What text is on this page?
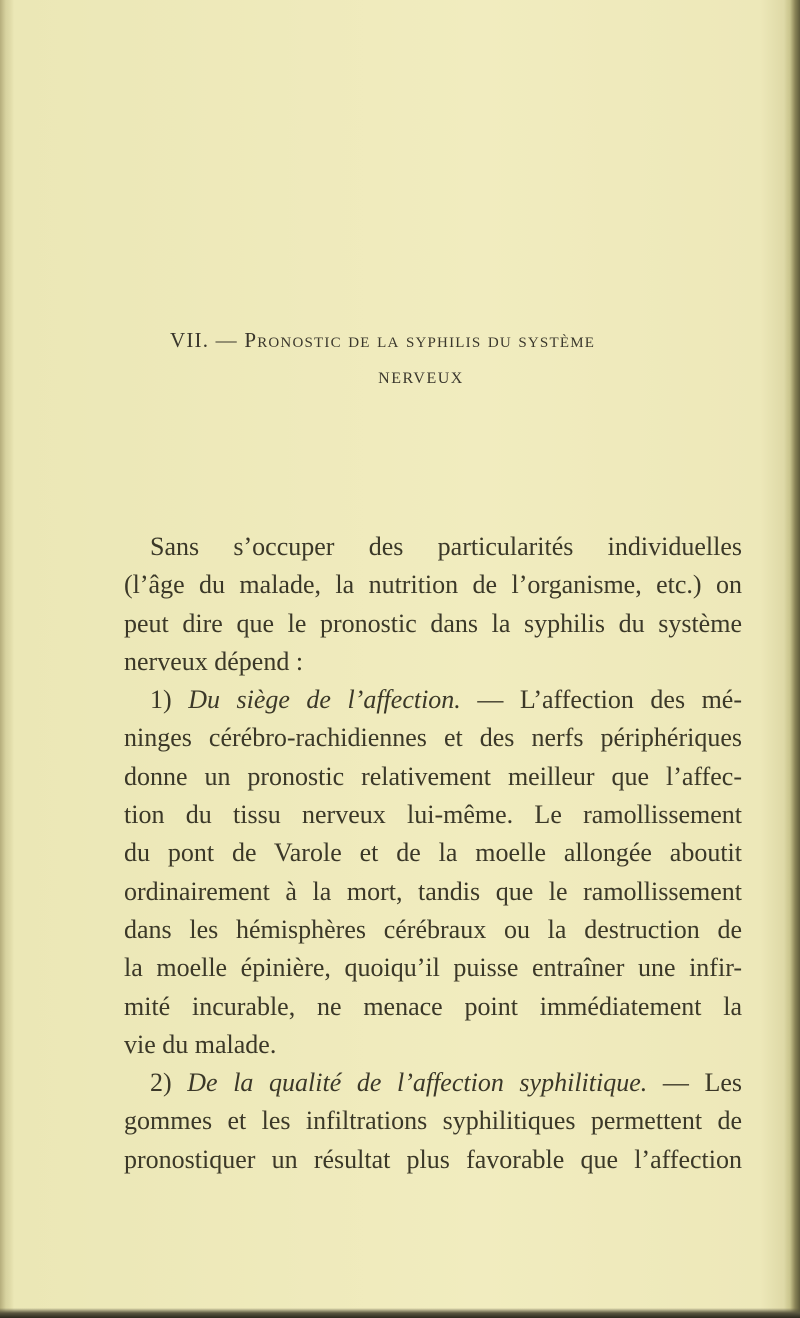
VII. — Pronostic de la syphilis du système
NERVEUX
Sans s’occuper des particularités individuelles
(l’âge du malade, la nutrition de l’organisme, etc.) on
peut dire que le pronostic dans la syphilis du système
nerveux dépend :
1) Du siège de l’affection. — L’affection des mé-
ninges cérébro-rachidiennes et des nerfs périphériques
donne un pronostic relativement meilleur que l’affec-
tion du tissu nerveux lui-même. Le ramollissement
du pont de Varole et de la moelle allongée aboutit
ordinairement à la mort, tandis que le ramollissement
dans les hémisphères cérébraux ou la destruction de
la moelle épinière, quoiqu’il puisse entraîner une infir-
mité incurable, ne menace point immédiatement la
vie du malade.
2) De la qualité de l’affection syphilitique. — Les
gommes et les infiltrations syphilitiques permettent de
pronostiquer un résultat plus favorable que l’affection
